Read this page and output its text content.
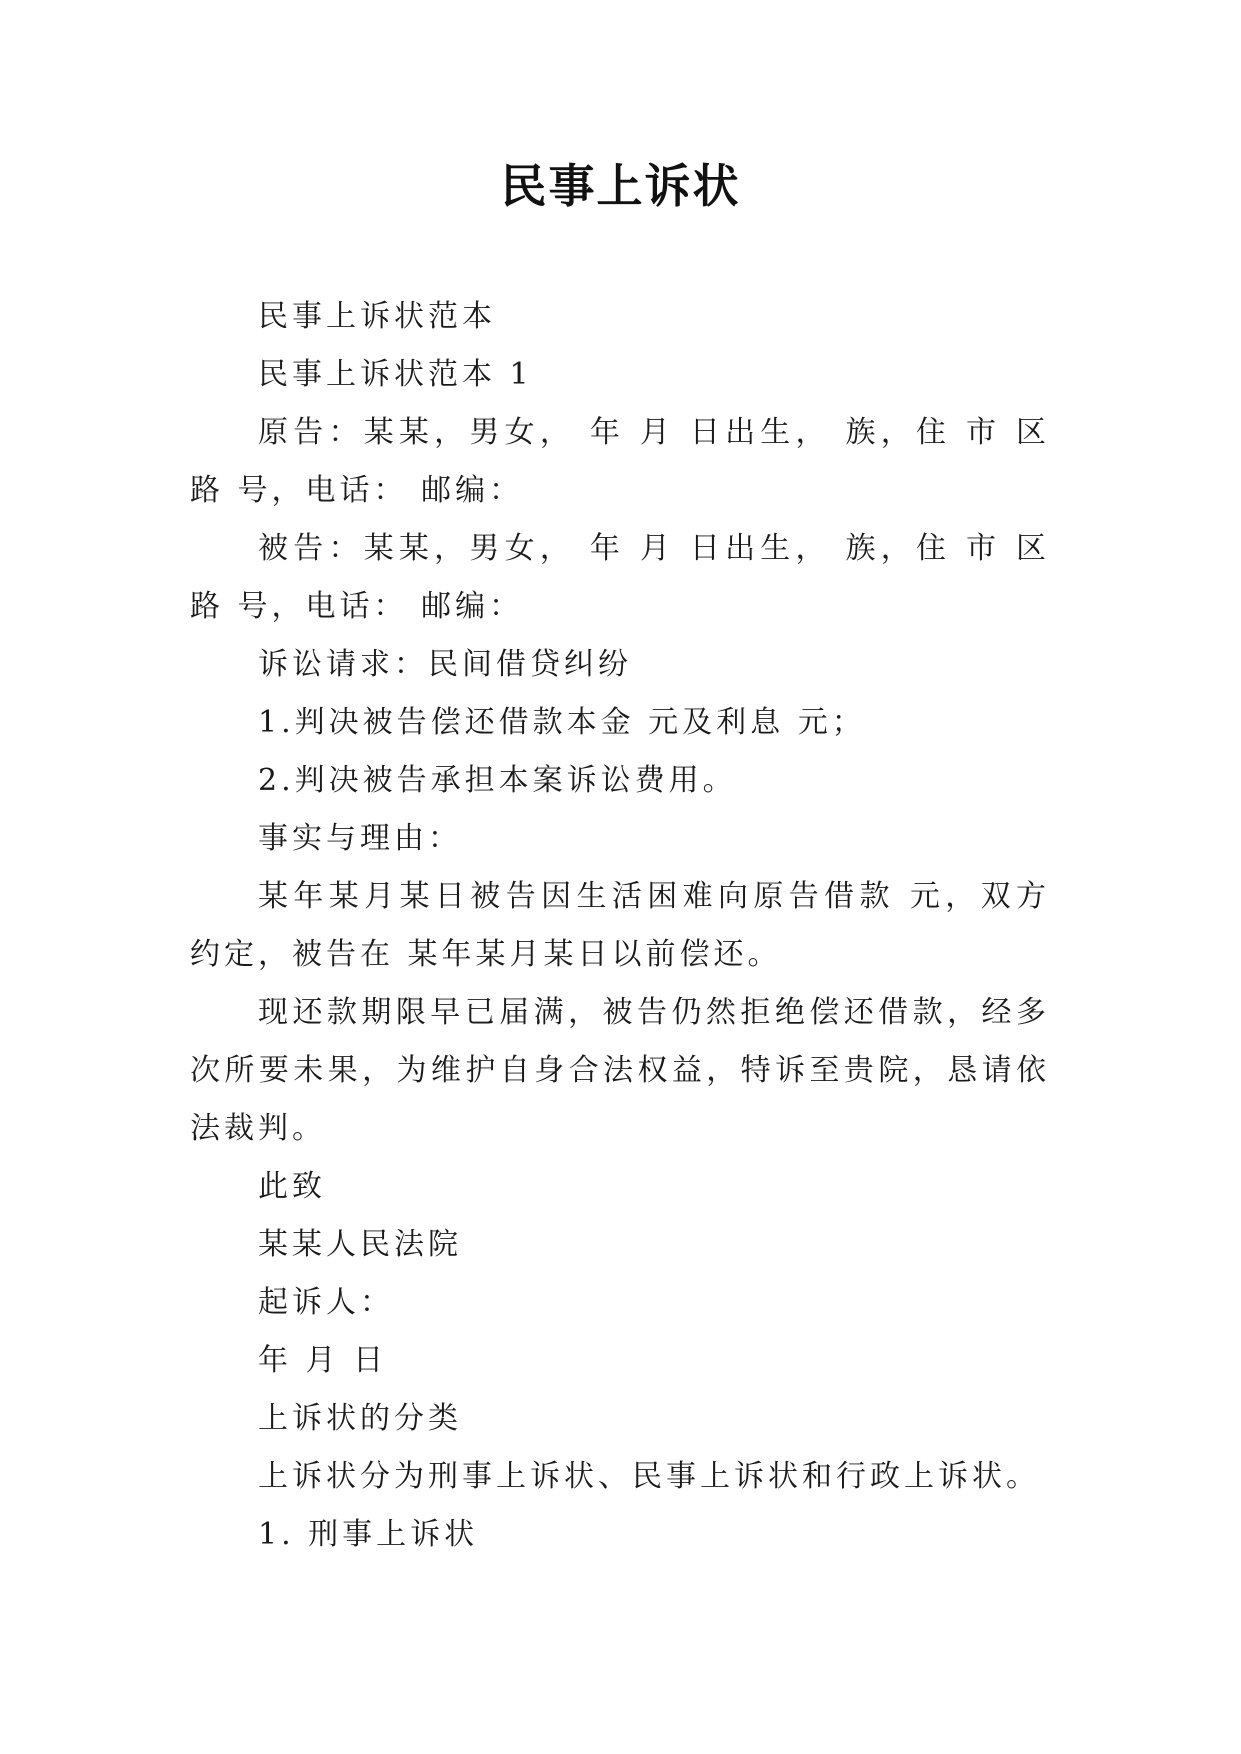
民事上诉状

民事上诉状范本

民事上诉状范本 1

原告：某某，男女， 年 月 日出生， 族，住 市 区 路 号，电话： 邮编：

被告：某某，男女， 年 月 日出生， 族，住 市 区 路 号，电话： 邮编：

诉讼请求：民间借贷纠纷

1.判决被告偿还借款本金 元及利息 元；

2.判决被告承担本案诉讼费用。

事实与理由：

某年某月某日被告因生活困难向原告借款 元，双方约定，被告在 某年某月某日以前偿还。

现还款期限早已届满，被告仍然拒绝偿还借款，经多次所要未果，为维护自身合法权益，特诉至贵院，恳请依法裁判。

此致

某某人民法院

起诉人：

年 月 日

上诉状的分类

上诉状分为刑事上诉状、民事上诉状和行政上诉状。

1. 刑事上诉状
